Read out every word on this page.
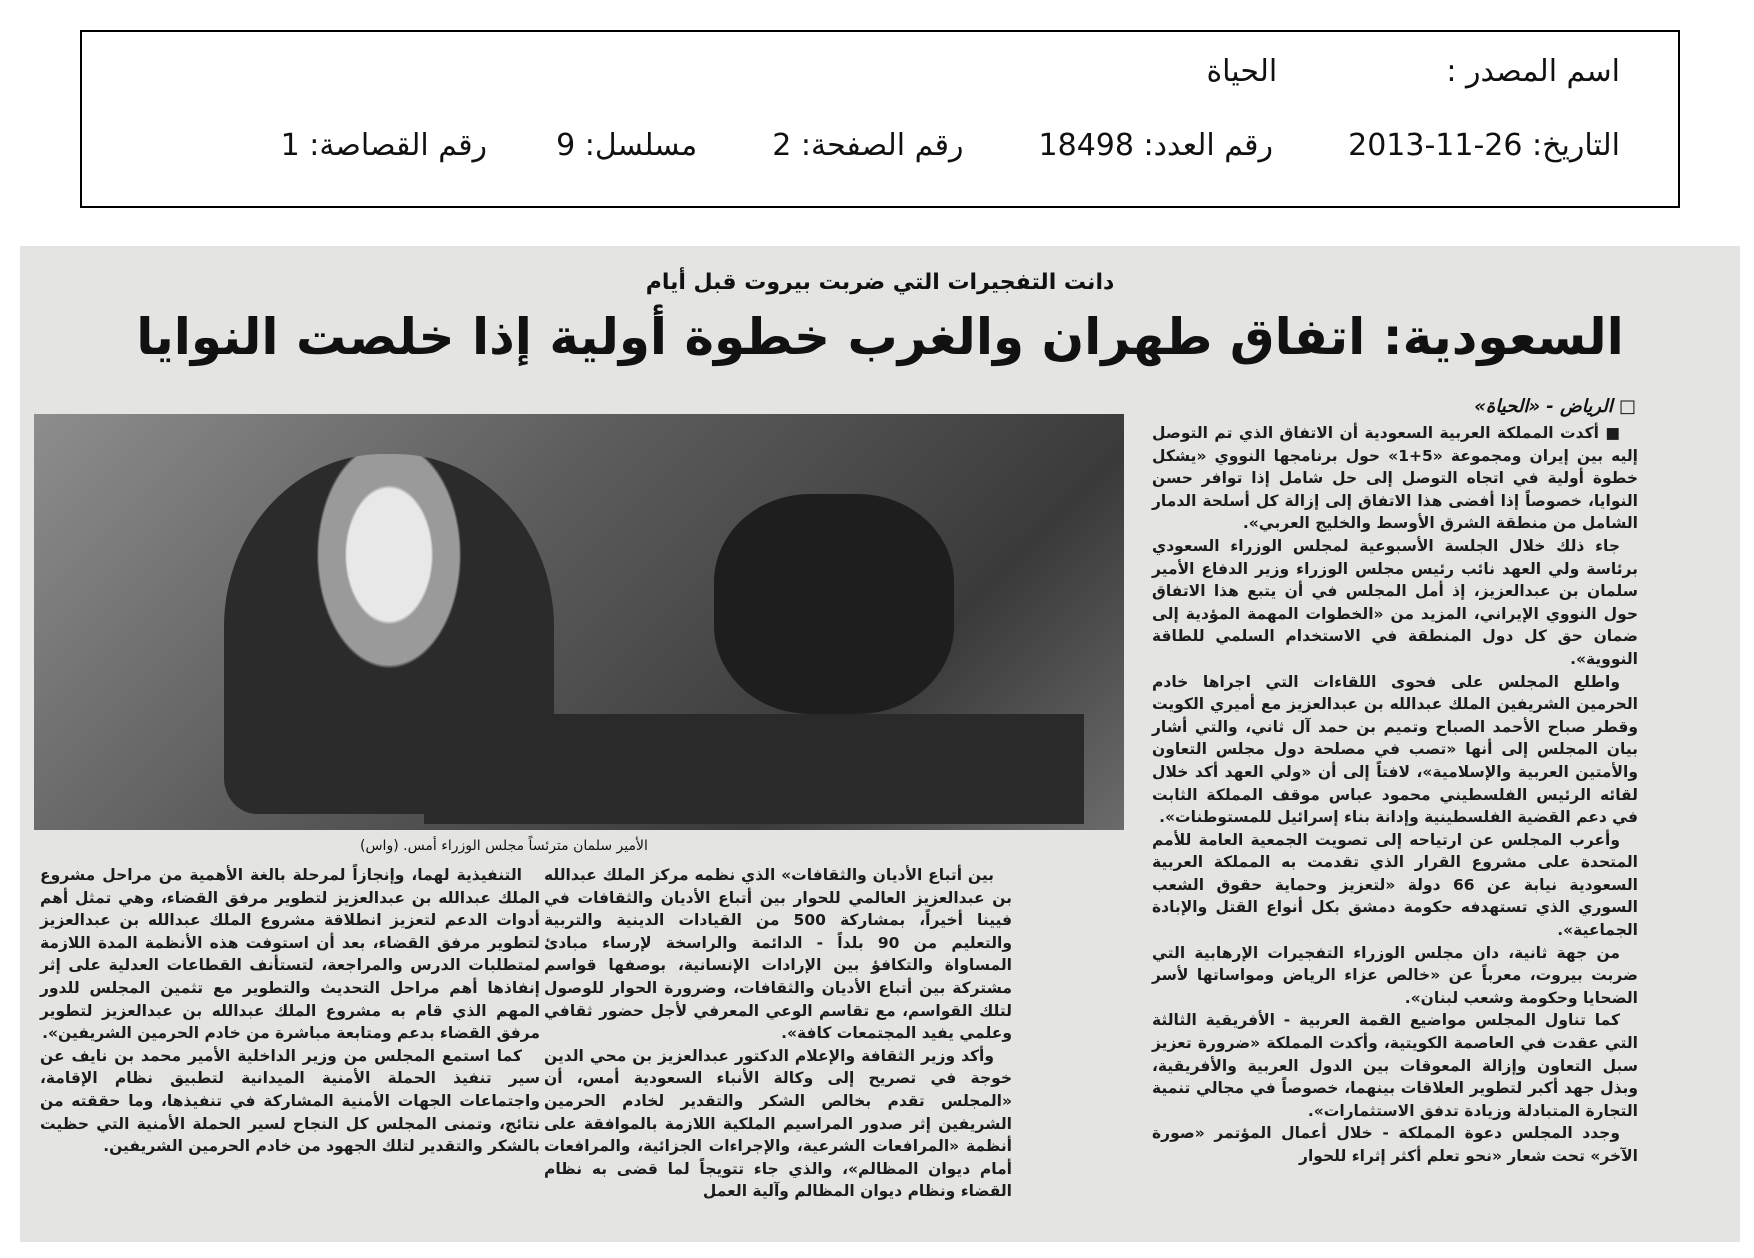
اسم المصدر :  الحياة
التاريخ: 2013-11-26  رقم العدد: 18498  رقم الصفحة: 2  مسلسل: 9  رقم القصاصة: 1
دانت التفجيرات التي ضربت بيروت قبل أيام
السعودية: اتفاق طهران والغرب خطوة أولية إذا خلصت النوايا
□ الرياض - «الحياة»
الأمير سلمان مترئساً مجلس الوزراء أمس. (واس)

■ أكدت المملكة العربية السعودية أن الاتفاق الذي تم التوصل إليه بين إيران ومجموعة «5+1» حول برنامجها النووي «يشكل خطوة أولية في اتجاه التوصل إلى حل شامل إذا توافر حسن النوايا، خصوصاً إذا أفضى هذا الاتفاق إلى إزالة كل أسلحة الدمار الشامل من منطقة الشرق الأوسط والخليج العربي».

جاء ذلك خلال الجلسة الأسبوعية لمجلس الوزراء السعودي برئاسة ولي العهد نائب رئيس مجلس الوزراء وزير الدفاع الأمير سلمان بن عبدالعزيز، إذ أمل المجلس في أن يتبع هذا الاتفاق حول النووي الإيراني، المزيد من «الخطوات المهمة المؤدية إلى ضمان حق كل دول المنطقة في الاستخدام السلمي للطاقة النووية».

واطلع المجلس على فحوى اللقاءات التي اجراها خادم الحرمين الشريفين الملك عبدالله بن عبدالعزيز مع أميري الكويت وقطر صباح الأحمد الصباح وتميم بن حمد آل ثاني، والتي أشار بيان المجلس إلى أنها «تصب في مصلحة دول مجلس التعاون والأمتين العربية والإسلامية»، لافتاً إلى أن «ولي العهد أكد خلال لقائه الرئيس الفلسطيني محمود عباس موقف المملكة الثابت في دعم القضية الفلسطينية وإدانة بناء إسرائيل للمستوطنات».

وأعرب المجلس عن ارتياحه إلى تصويت الجمعية العامة للأمم المتحدة على مشروع القرار الذي تقدمت به المملكة العربية السعودية نيابة عن 66 دولة «لتعزيز وحماية حقوق الشعب السوري الذي تستهدفه حكومة دمشق بكل أنواع القتل والإبادة الجماعية».

من جهة ثانية، دان مجلس الوزراء التفجيرات الإرهابية التي ضربت بيروت، معرباً عن «خالص عزاء الرياض ومواساتها لأسر الضحايا وحكومة وشعب لبنان».

كما تناول المجلس مواضيع القمة العربية - الأفريقية الثالثة التي عقدت في العاصمة الكويتية، وأكدت المملكة «ضرورة تعزيز سبل التعاون وإزالة المعوقات بين الدول العربية والأفريقية، وبذل جهد أكبر لتطوير العلاقات بينهما، خصوصاً في مجالي تنمية التجارة المتبادلة وزيادة تدفق الاستثمارات».

وجدد المجلس دعوة المملكة - خلال أعمال المؤتمر «صورة الآخر» تحت شعار «نحو تعلم أكثر إثراء للحوار

بين أتباع الأديان والثقافات» الذي نظمه مركز الملك عبدالله بن عبدالعزيز العالمي للحوار بين أتباع الأديان والثقافات في فيينا أخيراً، بمشاركة 500 من القيادات الدينية والتربية والتعليم من 90 بلداً - الدائمة والراسخة لإرساء مبادئ المساواة والتكافؤ بين الإرادات الإنسانية، بوصفها قواسم مشتركة بين أتباع الأديان والثقافات، وضرورة الحوار للوصول لتلك القواسم، مع تقاسم الوعي المعرفي لأجل حضور ثقافي وعلمي يفيد المجتمعات كافة».

وأكد وزير الثقافة والإعلام الدكتور عبدالعزيز بن محي الدين خوجة في تصريح إلى وكالة الأنباء السعودية أمس، أن «المجلس تقدم بخالص الشكر والتقدير لخادم الحرمين الشريفين إثر صدور المراسيم الملكية اللازمة بالموافقة على أنظمة «المرافعات الشرعية، والإجراءات الجزائية، والمرافعات أمام ديوان المظالم»، والذي جاء تتويجاً لما قضى به نظام القضاء ونظام ديوان المظالم وآلية العمل

التنفيذية لهما، وإنجازاً لمرحلة بالغة الأهمية من مراحل مشروع الملك عبدالله بن عبدالعزيز لتطوير مرفق القضاء، وهي تمثل أهم أدوات الدعم لتعزيز انطلاقة مشروع الملك عبدالله بن عبدالعزيز لتطوير مرفق القضاء، بعد أن استوفت هذه الأنظمة المدة اللازمة لمتطلبات الدرس والمراجعة، لتستأنف القطاعات العدلية على إثر إنفاذها أهم مراحل التحديث والتطوير مع تثمين المجلس للدور المهم الذي قام به مشروع الملك عبدالله بن عبدالعزيز لتطوير مرفق القضاء بدعم ومتابعة مباشرة من خادم الحرمين الشريفين».

كما استمع المجلس من وزير الداخلية الأمير محمد بن نايف عن سير تنفيذ الحملة الأمنية الميدانية لتطبيق نظام الإقامة، واجتماعات الجهات الأمنية المشاركة في تنفيذها، وما حققته من نتائج، وتمنى المجلس كل النجاح لسير الحملة الأمنية التي حظيت بالشكر والتقدير لتلك الجهود من خادم الحرمين الشريفين.
